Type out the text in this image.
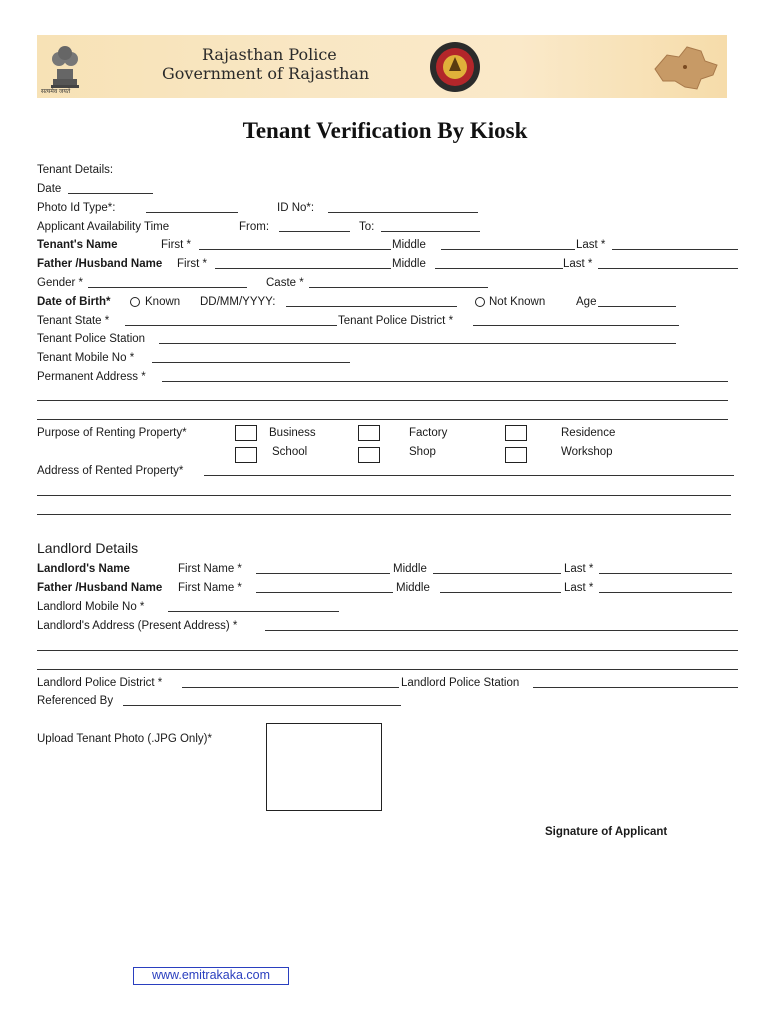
सत्यमेव जयते
Rajasthan Police
Government of Rajasthan
Tenant Verification By Kiosk
Tenant Details:
Date
Photo Id Type*:	ID No*:
Applicant Availability Time	From:	To:
Tenant's Name	First *	Middle	Last *
Father /Husband Name First *	Middle	Last *
Gender *	Caste *
Date of Birth*	Known DD/MM/YYYY:	Not Known	Age
Tenant State *	Tenant Police District *
Tenant Police Station
Tenant Mobile No *
Permanent Address *
Purpose of Renting Property*	Business	Factory	Residence
School	Shop	Workshop
Address of Rented Property*
Landlord Details
Landlord's Name	First Name *	Middle	Last *
Father /Husband Name First Name *	Middle	Last *
Landlord Mobile No *
Landlord's Address (Present Address) *
Landlord Police District *	Landlord Police Station
Referenced By
Upload Tenant Photo (.JPG Only)*
Signature of Applicant
www.emitrakaka.com
